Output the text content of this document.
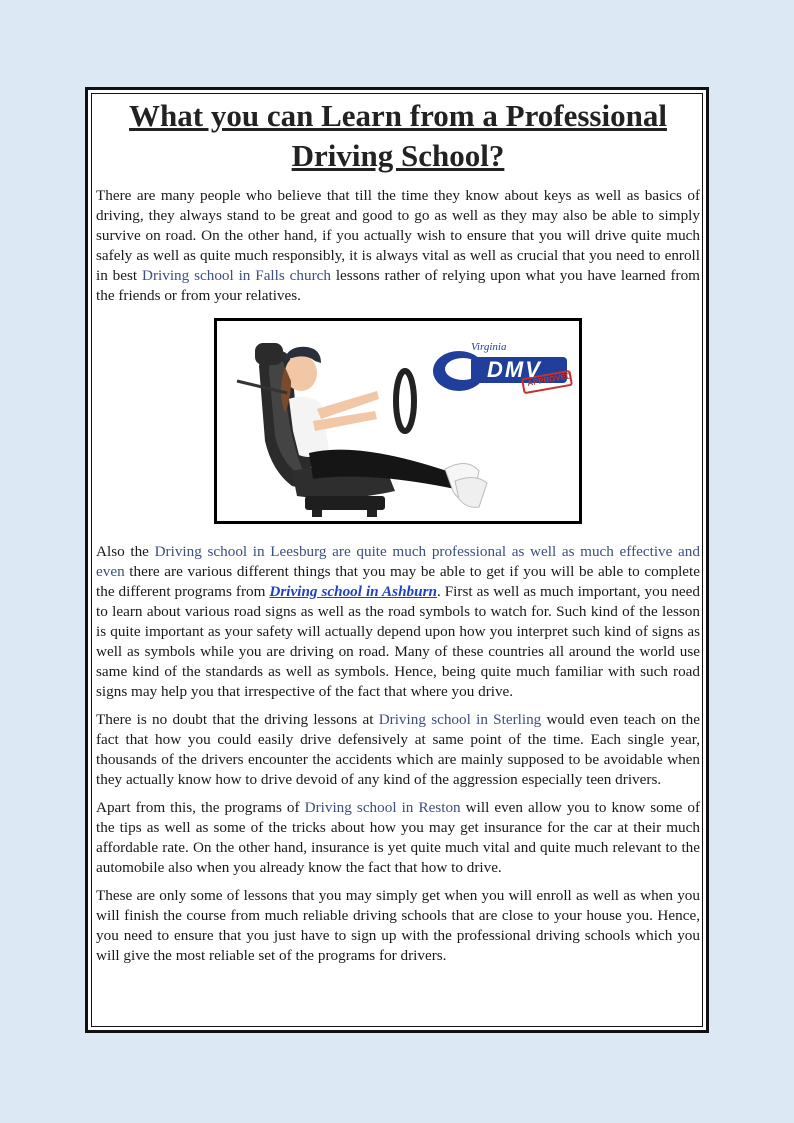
What you can Learn from a Professional Driving School?

There are many people who believe that till the time they know about keys as well as basics of driving, they always stand to be great and good to go as well as they may also be able to simply survive on road. On the other hand, if you actually wish to ensure that you will drive quite much safely as well as quite much responsibly, it is always vital as well as crucial that you need to enroll in best Driving school in Falls church lessons rather of relying upon what you have learned from the friends or from your relatives.

Virginia
DMV
APPROVED

Also the Driving school in Leesburg are quite much professional as well as much effective and even there are various different things that you may be able to get if you will be able to complete the different programs from Driving school in Ashburn. First as well as much important, you need to learn about various road signs as well as the road symbols to watch for. Such kind of the lesson is quite important as your safety will actually depend upon how you interpret such kind of signs as well as symbols while you are driving on road. Many of these countries all around the world use same kind of the standards as well as symbols. Hence, being quite much familiar with such road signs may help you that irrespective of the fact that where you drive.

There is no doubt that the driving lessons at Driving school in Sterling would even teach on the fact that how you could easily drive defensively at same point of the time. Each single year, thousands of the drivers encounter the accidents which are mainly supposed to be avoidable when they actually know how to drive devoid of any kind of the aggression especially teen drivers.

Apart from this, the programs of Driving school in Reston will even allow you to know some of the tips as well as some of the tricks about how you may get insurance for the car at their much affordable rate. On the other hand, insurance is yet quite much vital and quite much relevant to the automobile also when you already know the fact that how to drive.

These are only some of lessons that you may simply get when you will enroll as well as when you will finish the course from much reliable driving schools that are close to your house you. Hence, you need to ensure that you just have to sign up with the professional driving schools which you will give the most reliable set of the programs for drivers.
